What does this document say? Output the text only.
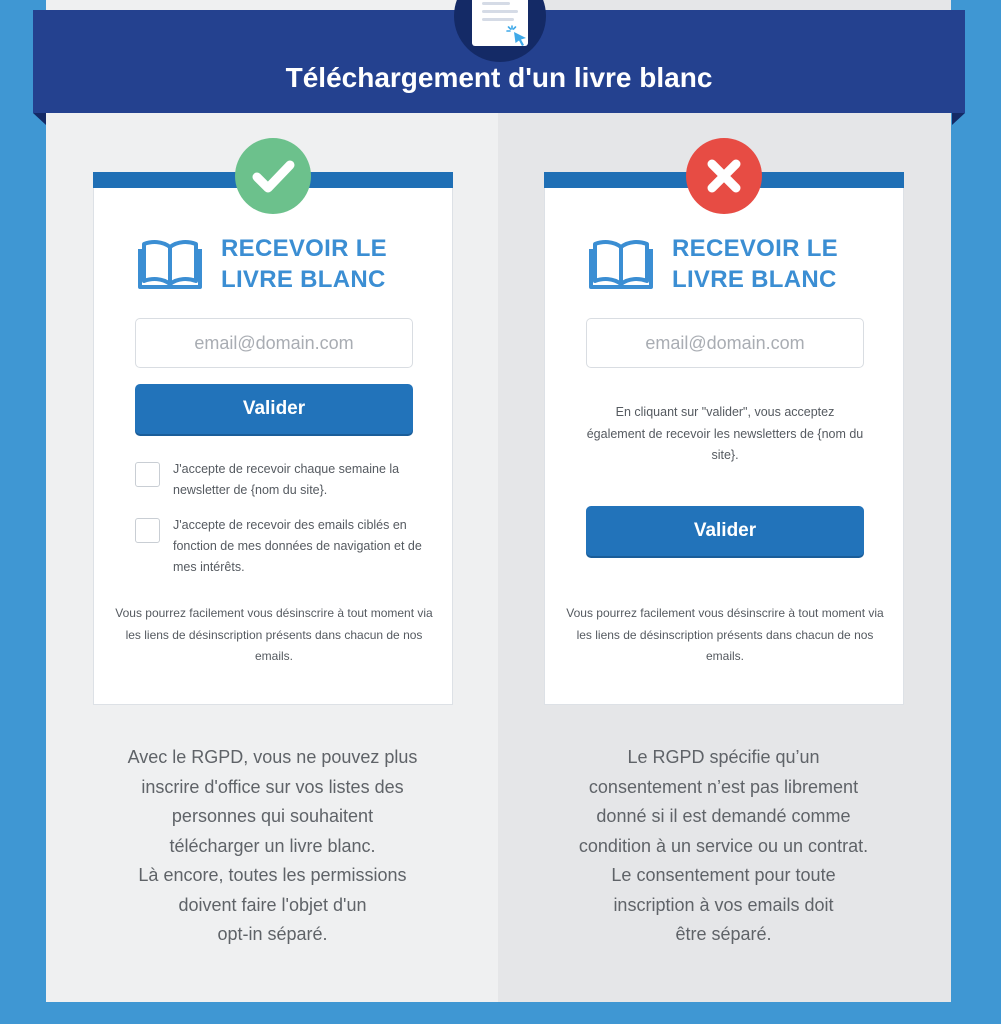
Téléchargement d'un livre blanc
RECEVOIR LE
LIVRE BLANC
email@domain.com
Valider
J'accepte de recevoir chaque semaine la newsletter de {nom du site}.
J'accepte de recevoir des emails ciblés en fonction de mes données de navigation et de mes intérêts.
Vous pourrez facilement vous désinscrire à tout moment via les liens de désinscription présents dans chacun de nos emails.
RECEVOIR LE
LIVRE BLANC
email@domain.com
En cliquant sur "valider", vous acceptez également de recevoir les newsletters de {nom du site}.
Valider
Vous pourrez facilement vous désinscrire à tout moment via les liens de désinscription présents dans chacun de nos emails.
Avec le RGPD, vous ne pouvez plus
inscrire d'office sur vos listes des
personnes qui souhaitent
télécharger un livre blanc.
Là encore, toutes les permissions
doivent faire l'objet d'un
opt-in séparé.
Le RGPD spécifie qu’un
consentement n’est pas librement
donné si il est demandé comme
condition à un service ou un contrat.
Le consentement pour toute
inscription à vos emails doit
être séparé.
